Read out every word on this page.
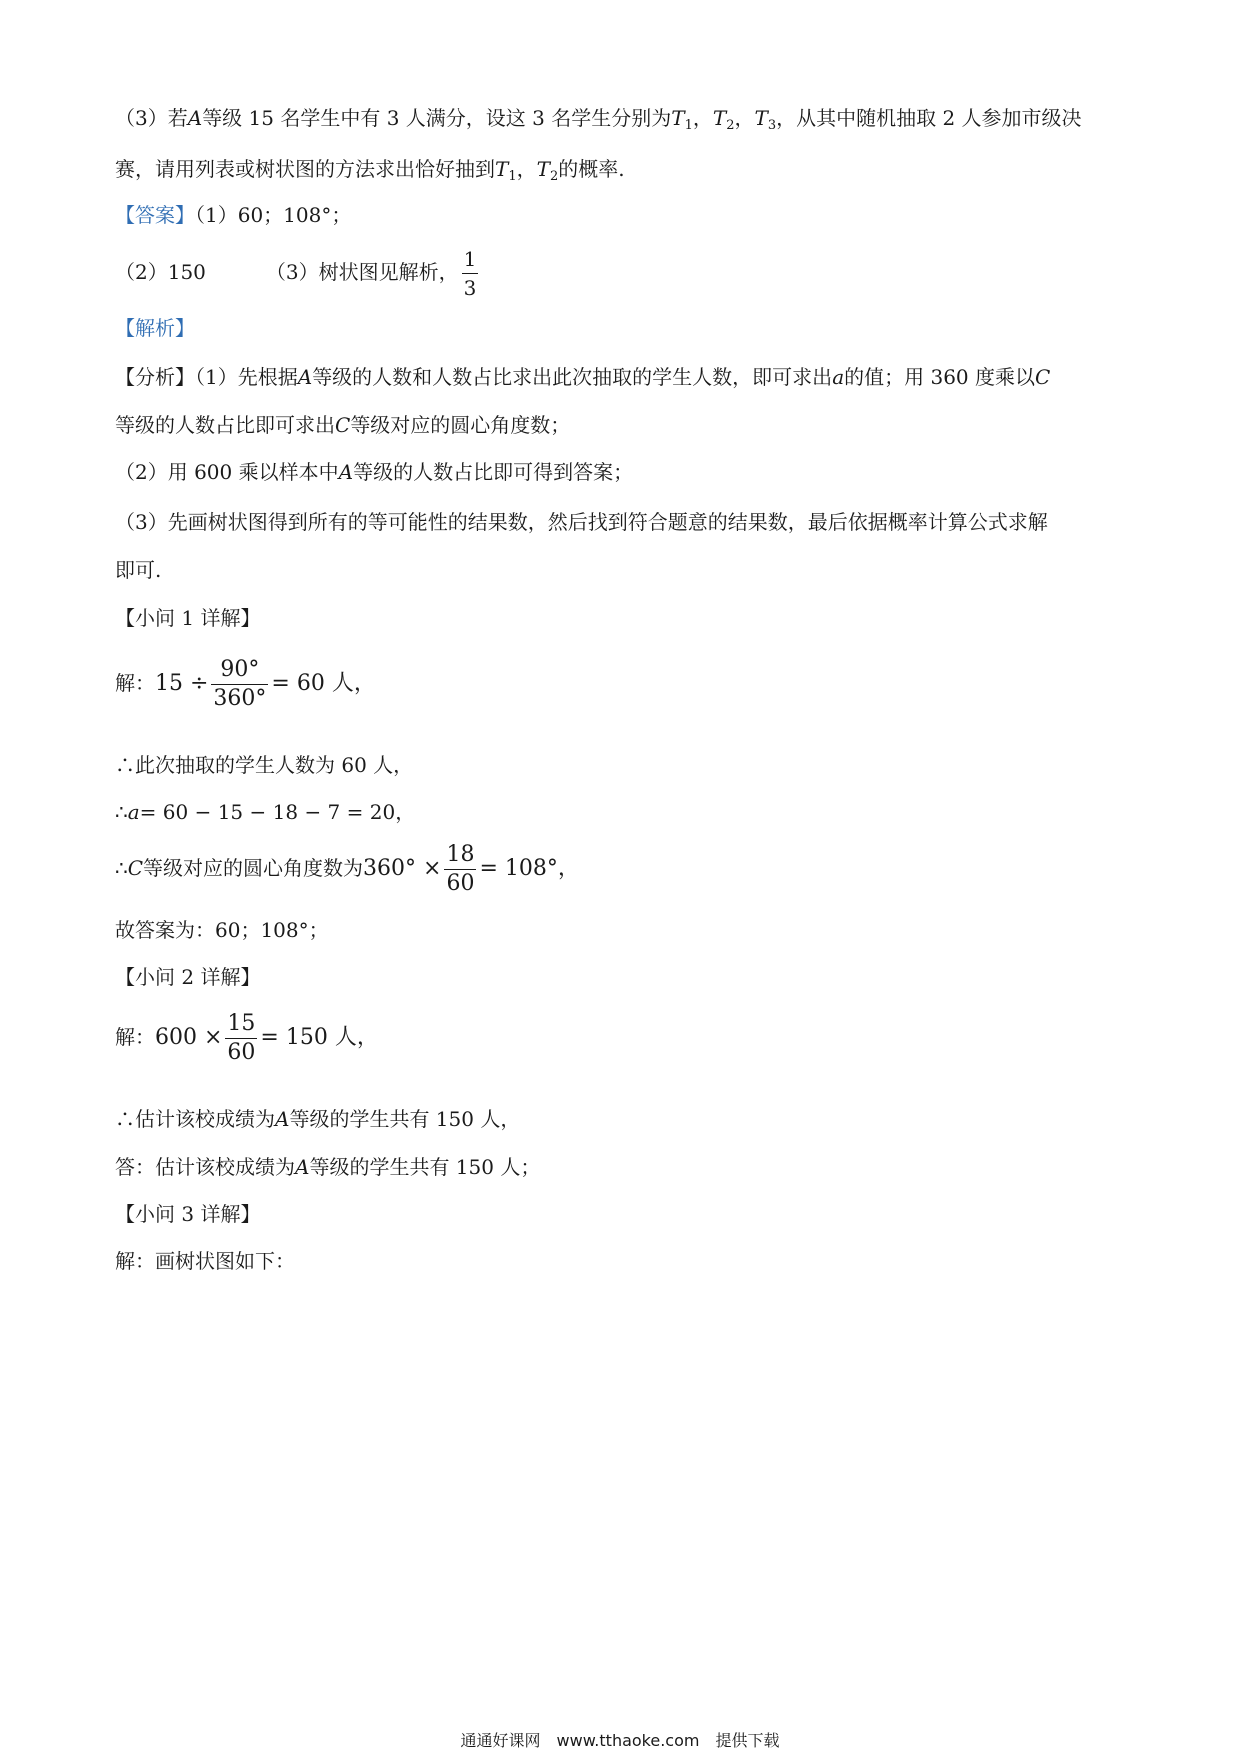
（3）若A等级 15 名学生中有 3 人满分，设这 3 名学生分别为$T_1$，$T_2$，$T_3$，从其中随机抽取 2 人参加市级决
赛，请用列表或树状图的方法求出恰好抽到$T_1$，$T_2$的概率.
【答案】（1）60；108°；
（2）150	（3）树状图见解析， $\frac{1}{3}$
【解析】
【分析】（1）先根据A等级的人数和人数占比求出此次抽取的学生人数，即可求出a的值；用 360 度乘以C
等级的人数占比即可求出C等级对应的圆心角度数；
（2）用 600 乘以样本中A等级的人数占比即可得到答案；
（3）先画树状图得到所有的等可能性的结果数，然后找到符合题意的结果数，最后依据概率计算公式求解
即可.
【小问 1 详解】
解：$15 \div \frac{90^\circ}{360^\circ} = 60$ 人，
∴此次抽取的学生人数为 60 人，
∴a= 60 − 15 − 18 − 7 = 20，
∴C等级对应的圆心角度数为$360^\circ \times \frac{18}{60} = 108^\circ$，
故答案为：60；108°；
【小问 2 详解】
解：$600 \times \frac{15}{60} = 150$ 人，
∴估计该校成绩为A等级的学生共有 150 人，
答：估计该校成绩为A等级的学生共有 150 人；
【小问 3 详解】
解：画树状图如下：
通通好课网　www.tthaoke.com　提供下载
